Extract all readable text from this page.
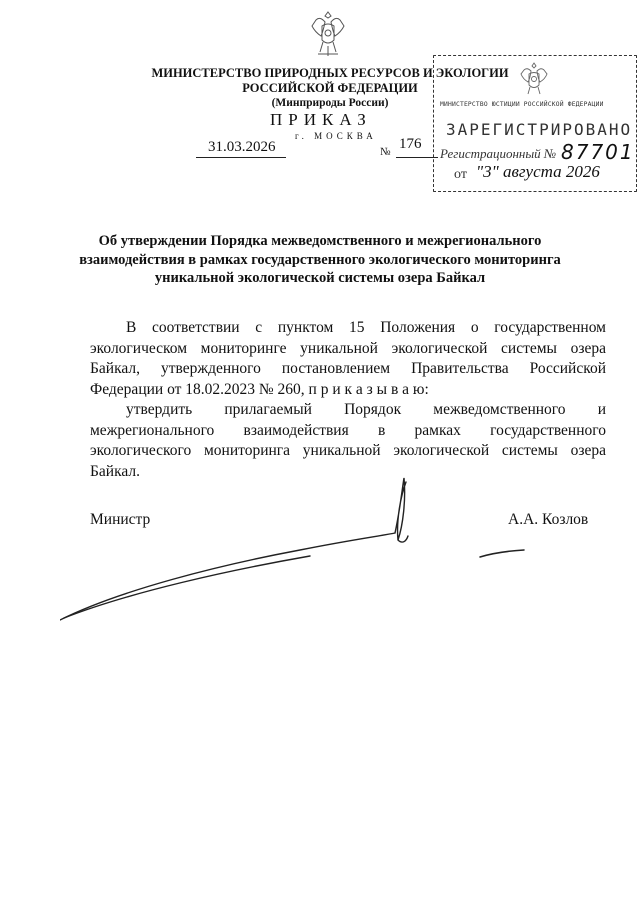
МИНИСТЕРСТВО ПРИРОДНЫХ РЕСУРСОВ И ЭКОЛОГИИ
РОССИЙСКОЙ ФЕДЕРАЦИИ
(Минприроды России)
ПРИКАЗ
г. МОСКВА
31.03.2026	№ 176
МИНИСТЕРСТВО ЮСТИЦИИ РОССИЙСКОЙ ФЕДЕРАЦИИ
ЗАРЕГИСТРИРОВАНО
Регистрационный № 87701
от "3" августа 2026
Об утверждении Порядка межведомственного и межрегионального
взаимодействия в рамках государственного экологического мониторинга
уникальной экологической системы озера Байкал

В соответствии с пунктом 15 Положения о государственном экологическом мониторинге уникальной экологической системы озера Байкал, утвержденного постановлением Правительства Российской Федерации от 18.02.2023 № 260, п р и к а з ы в а ю:

утвердить прилагаемый Порядок межведомственного и межрегионального взаимодействия в рамках государственного экологического мониторинга уникальной экологической системы озера Байкал.

Министр	А.А. Козлов
